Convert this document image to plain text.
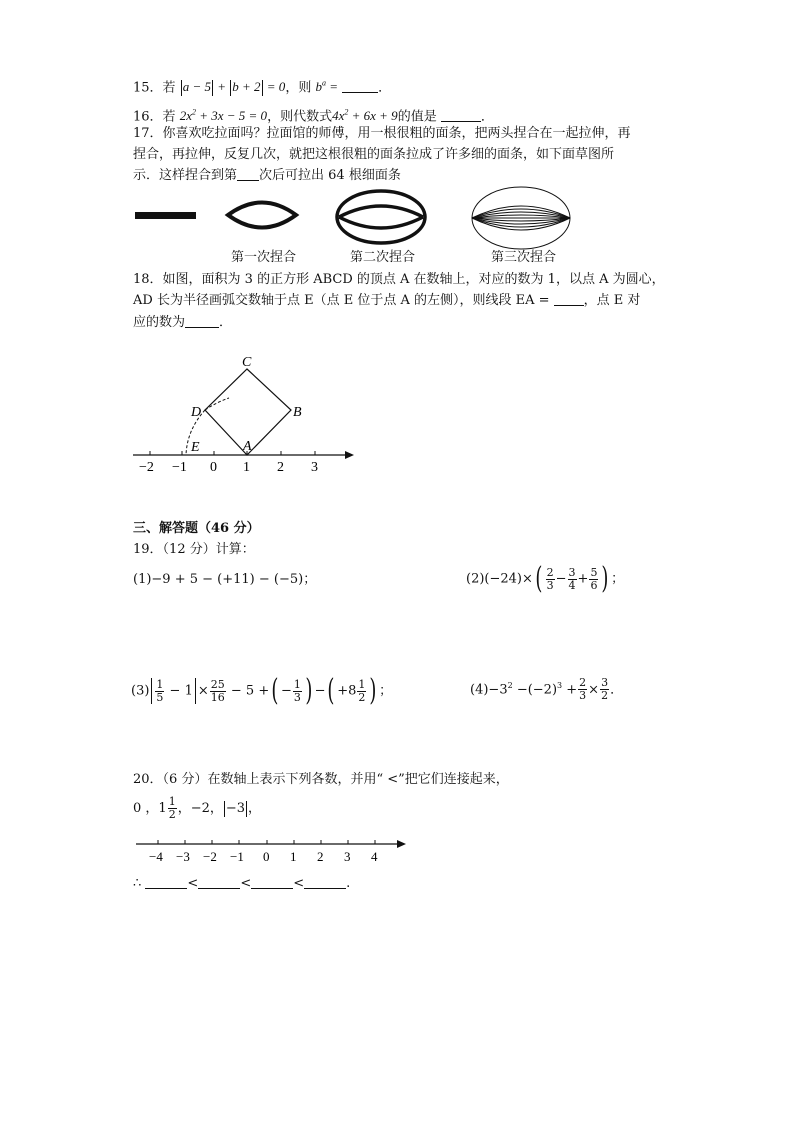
15．若 a − 5 + b + 2 = 0，则 $b^a$ =	．
16．若 $2x^2 + 3x - 5 = 0$，则代数式$4x^2 + 6x + 9$的值是	．
17．你喜欢吃拉面吗？拉面馆的师傅，用一根很粗的面条，把两头捏合在一起拉伸，再
捏合，再拉伸，反复几次，就把这根很粗的面条拉成了许多细的面条，如下面草图所
示．这样捏合到第 次后可拉出 64 根细面条
第一次捏合	第二次捏合	第三次捏合
18．如图，面积为 3 的正方形 ABCD 的顶点 A 在数轴上，对应的数为 1，以点 A 为圆心，
AD 长为半径画弧交数轴于点 E（点 E 位于点 A 的左侧），则线段 EA =	，点 E 对
应的数为	．
C
D	B
A
E
−2 −1 0 1 2 3
三、解答题（46 分）
19．（12 分）计算：
(1)−9 + 5 − (+11) − (−5)；	$(2)(-24)\times( \frac{2}{3} - \frac{3}{4} + \frac{5}{6}$ ) ；
$(3) \frac{1}{5} - 1 \times \frac{25}{16} - 5$ +( − $\frac{1}{3}$ ) −( $+8 \frac{1}{2}$ ) ；	$(4)-3^2 -(-2)^3 + \frac{2}{3} \times \frac{3}{2}$ ．
20．（6 分）在数轴上表示下列各数，并用“ <”把它们连接起来，
0 ，$1 \frac{1}{2}$ ，−2， −3 ，
−4 −3 −2 −1 0 1 2 3 4
∴	<	<	<	.
